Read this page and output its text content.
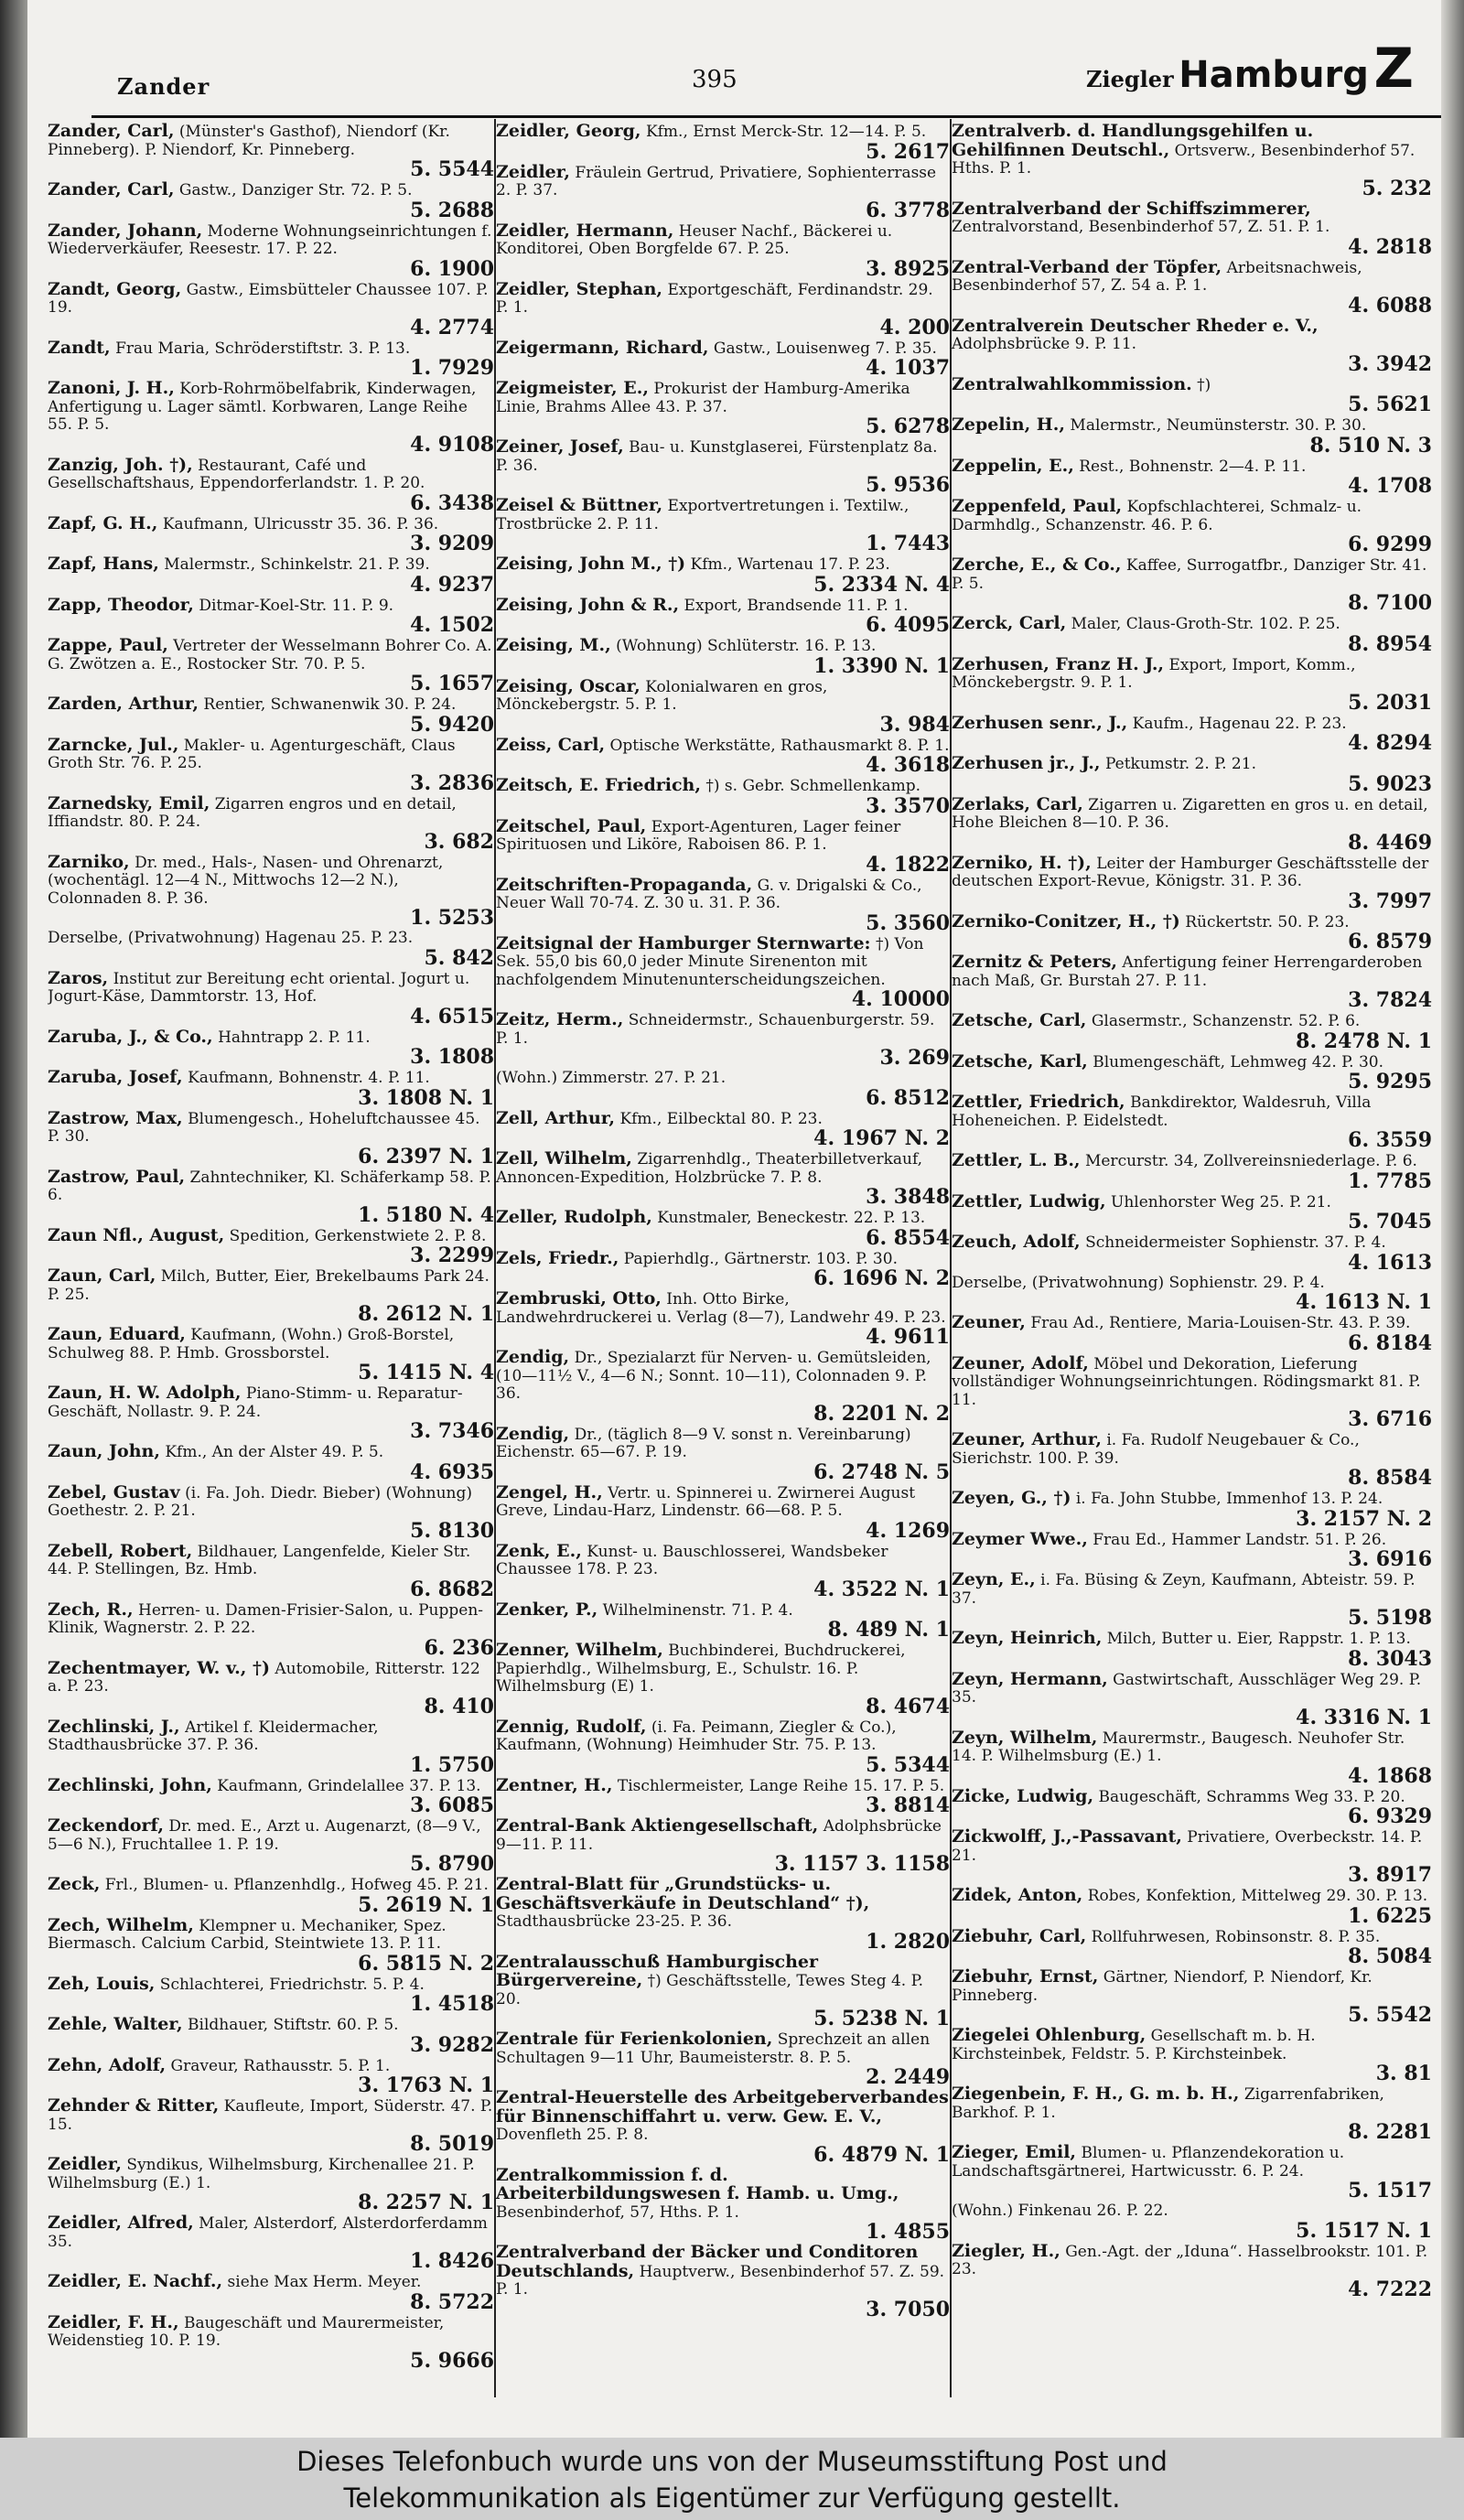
Zander	395	Ziegler Hamburg Z
Zander, Carl, (Münster's Gasthof), Niendorf (Kr. Pinneberg). P. Niendorf, Kr. Pinneberg.
5. 5544
Zander, Carl, Gastw., Danziger Str. 72. P. 5.
5. 2688
Zander, Johann, Moderne Wohnungseinrichtungen f. Wiederverkäufer, Reesestr. 17. P. 22.
6. 1900
Zandt, Georg, Gastw., Eimsbütteler Chaussee 107. P. 19.
4. 2774
Zandt, Frau Maria, Schröderstiftstr. 3. P. 13.
1. 7929
Zanoni, J. H., Korb-Rohrmöbelfabrik, Kinderwagen, Anfertigung u. Lager sämtl. Korbwaren, Lange Reihe 55. P. 5.
4. 9108
Zanzig, Joh. †), Restaurant, Café und Gesellschaftshaus, Eppendorferlandstr. 1. P. 20.
6. 3438
Zapf, G. H., Kaufmann, Ulricusstr 35. 36. P. 36.
3. 9209
Zapf, Hans, Malermstr., Schinkelstr. 21. P. 39.
4. 9237
Zapp, Theodor, Ditmar-Koel-Str. 11. P. 9.
4. 1502
Zappe, Paul, Vertreter der Wesselmann Bohrer Co. A. G. Zwötzen a. E., Rostocker Str. 70. P. 5.
5. 1657
Zarden, Arthur, Rentier, Schwanenwik 30. P. 24.
5. 9420
Zarncke, Jul., Makler- u. Agenturgeschäft, Claus Groth Str. 76. P. 25.
3. 2836
Zarnedsky, Emil, Zigarren engros und en detail, Iffiandstr. 80. P. 24.
3. 682
Zarniko, Dr. med., Hals-, Nasen- und Ohrenarzt, (wochentägl. 12—4 N., Mittwochs 12—2 N.), Colonnaden 8. P. 36.
1. 5253
Derselbe, (Privatwohnung) Hagenau 25. P. 23.
5. 842
Zaros, Institut zur Bereitung echt oriental. Jogurt u. Jogurt-Käse, Dammtorstr. 13, Hof.
4. 6515
Zaruba, J., & Co., Hahntrapp 2. P. 11.
3. 1808
Zaruba, Josef, Kaufmann, Bohnenstr. 4. P. 11.
3. 1808 N. 1
Zastrow, Max, Blumengesch., Hoheluftchaussee 45. P. 30.
6. 2397 N. 1
Zastrow, Paul, Zahntechniker, Kl. Schäferkamp 58. P. 6.
1. 5180 N. 4
Zaun Nfl., August, Spedition, Gerkenstwiete 2. P. 8.
3. 2299
Zaun, Carl, Milch, Butter, Eier, Brekelbaums Park 24. P. 25.
8. 2612 N. 1
Zaun, Eduard, Kaufmann, (Wohn.) Groß-Borstel, Schulweg 88. P. Hmb. Grossborstel.
5. 1415 N. 4
Zaun, H. W. Adolph, Piano-Stimm- u. Reparatur-Geschäft, Nollastr. 9. P. 24.
3. 7346
Zaun, John, Kfm., An der Alster 49. P. 5.
4. 6935
Zebel, Gustav (i. Fa. Joh. Diedr. Bieber) (Wohnung) Goethestr. 2. P. 21.
5. 8130
Zebell, Robert, Bildhauer, Langenfelde, Kieler Str. 44. P. Stellingen, Bz. Hmb.
6. 8682
Zech, R., Herren- u. Damen-Frisier-Salon, u. Puppen-Klinik, Wagnerstr. 2. P. 22.
6. 236
Zechentmayer, W. v., †) Automobile, Ritterstr. 122 a. P. 23.
8. 410
Zechlinski, J., Artikel f. Kleidermacher, Stadthausbrücke 37. P. 36.
1. 5750
Zechlinski, John, Kaufmann, Grindelallee 37. P. 13.
3. 6085
Zeckendorf, Dr. med. E., Arzt u. Augenarzt, (8—9 V., 5—6 N.), Fruchtallee 1. P. 19.
5. 8790
Zeck, Frl., Blumen- u. Pflanzenhdlg., Hofweg 45. P. 21.
5. 2619 N. 1
Zech, Wilhelm, Klempner u. Mechaniker, Spez. Biermasch. Calcium Carbid, Steintwiete 13. P. 11.
6. 5815 N. 2
Zeh, Louis, Schlachterei, Friedrichstr. 5. P. 4.
1. 4518
Zehle, Walter, Bildhauer, Stiftstr. 60. P. 5.
3. 9282
Zehn, Adolf, Graveur, Rathausstr. 5. P. 1.
3. 1763 N. 1
Zehnder & Ritter, Kaufleute, Import, Süderstr. 47. P. 15.
8. 5019
Zeidler, Syndikus, Wilhelmsburg, Kirchenallee 21. P. Wilhelmsburg (E.) 1.
8. 2257 N. 1
Zeidler, Alfred, Maler, Alsterdorf, Alsterdorferdamm 35.
1. 8426
Zeidler, E. Nachf., siehe Max Herm. Meyer.
8. 5722
Zeidler, F. H., Baugeschäft und Maurermeister, Weidenstieg 10. P. 19.
5. 9666
Zeidler, Georg, Kfm., Ernst Merck-Str. 12—14. P. 5.
5. 2617
Zeidler, Fräulein Gertrud, Privatiere, Sophienterrasse 2. P. 37.
6. 3778
Zeidler, Hermann, Heuser Nachf., Bäckerei u. Konditorei, Oben Borgfelde 67. P. 25.
3. 8925
Zeidler, Stephan, Exportgeschäft, Ferdinandstr. 29. P. 1.
4. 200
Zeigermann, Richard, Gastw., Louisenweg 7. P. 35.
4. 1037
Zeigmeister, E., Prokurist der Hamburg-Amerika Linie, Brahms Allee 43. P. 37.
5. 6278
Zeiner, Josef, Bau- u. Kunstglaserei, Fürstenplatz 8a. P. 36.
5. 9536
Zeisel & Büttner, Exportvertretungen i. Textilw., Trostbrücke 2. P. 11.
1. 7443
Zeising, John M., †) Kfm., Wartenau 17. P. 23.
5. 2334 N. 4
Zeising, John & R., Export, Brandsende 11. P. 1.
6. 4095
Zeising, M., (Wohnung) Schlüterstr. 16. P. 13.
1. 3390 N. 1
Zeising, Oscar, Kolonialwaren en gros, Mönckebergstr. 5. P. 1.
3. 984
Zeiss, Carl, Optische Werkstätte, Rathausmarkt 8. P. 1.
4. 3618
Zeitsch, E. Friedrich, †) s. Gebr. Schmellenkamp.
3. 3570
Zeitschel, Paul, Export-Agenturen, Lager feiner Spirituosen und Liköre, Raboisen 86. P. 1.
4. 1822
Zeitschriften-Propaganda, G. v. Drigalski & Co., Neuer Wall 70-74. Z. 30 u. 31. P. 36.
5. 3560
Zeitsignal der Hamburger Sternwarte: †) Von Sek. 55,0 bis 60,0 jeder Minute Sirenenton mit nachfolgendem Minutenunterscheidungszeichen.
4. 10000
Zeitz, Herm., Schneidermstr., Schauenburgerstr. 59. P. 1.
3. 269
(Wohn.) Zimmerstr. 27. P. 21.
6. 8512
Zell, Arthur, Kfm., Eilbecktal 80. P. 23.
4. 1967 N. 2
Zell, Wilhelm, Zigarrenhdlg., Theaterbilletverkauf, Annoncen-Expedition, Holzbrücke 7. P. 8.
3. 3848
Zeller, Rudolph, Kunstmaler, Beneckestr. 22. P. 13.
6. 8554
Zels, Friedr., Papierhdlg., Gärtnerstr. 103. P. 30.
6. 1696 N. 2
Zembruski, Otto, Inh. Otto Birke, Landwehrdruckerei u. Verlag (8—7), Landwehr 49. P. 23.
4. 9611
Zendig, Dr., Spezialarzt für Nerven- u. Gemütsleiden, (10—11½ V., 4—6 N.; Sonnt. 10—11), Colonnaden 9. P. 36.
8. 2201 N. 2
Zendig, Dr., (täglich 8—9 V. sonst n. Vereinbarung) Eichenstr. 65—67. P. 19.
6. 2748 N. 5
Zengel, H., Vertr. u. Spinnerei u. Zwirnerei August Greve, Lindau-Harz, Lindenstr. 66—68. P. 5.
4. 1269
Zenk, E., Kunst- u. Bauschlosserei, Wandsbeker Chaussee 178. P. 23.
4. 3522 N. 1
Zenker, P., Wilhelminenstr. 71. P. 4.
8. 489 N. 1
Zenner, Wilhelm, Buchbinderei, Buchdruckerei, Papierhdlg., Wilhelmsburg, E., Schulstr. 16. P. Wilhelmsburg (E) 1.
8. 4674
Zennig, Rudolf, (i. Fa. Peimann, Ziegler & Co.), Kaufmann, (Wohnung) Heimhuder Str. 75. P. 13.
5. 5344
Zentner, H., Tischlermeister, Lange Reihe 15. 17. P. 5.
3. 8814
Zentral-Bank Aktiengesellschaft, Adolphsbrücke 9—11. P. 11.
3. 1157 3. 1158
Zentral-Blatt für „Grundstücks- u. Geschäftsverkäufe in Deutschland“ †), Stadthausbrücke 23-25. P. 36.
1. 2820
Zentralausschuß Hamburgischer Bürgervereine, †) Geschäftsstelle, Tewes Steg 4. P. 20.
5. 5238 N. 1
Zentrale für Ferienkolonien, Sprechzeit an allen Schultagen 9—11 Uhr, Baumeisterstr. 8. P. 5.
2. 2449
Zentral-Heuerstelle des Arbeitgeberverbandes für Binnenschiffahrt u. verw. Gew. E. V., Dovenfleth 25. P. 8.
6. 4879 N. 1
Zentralkommission f. d. Arbeiterbildungswesen f. Hamb. u. Umg., Besenbinderhof, 57, Hths. P. 1.
1. 4855
Zentralverband der Bäcker und Conditoren Deutschlands, Hauptverw., Besenbinderhof 57. Z. 59. P. 1.
3. 7050
Zentralverb. d. Handlungsgehilfen u. Gehilfinnen Deutschl., Ortsverw., Besenbinderhof 57. Hths. P. 1.
5. 232
Zentralverband der Schiffszimmerer, Zentralvorstand, Besenbinderhof 57, Z. 51. P. 1.
4. 2818
Zentral-Verband der Töpfer, Arbeitsnachweis, Besenbinderhof 57, Z. 54 a. P. 1.
4. 6088
Zentralverein Deutscher Rheder e. V., Adolphsbrücke 9. P. 11.
3. 3942
Zentralwahlkommission. †)
5. 5621
Zepelin, H., Malermstr., Neumünsterstr. 30. P. 30.
8. 510 N. 3
Zeppelin, E., Rest., Bohnenstr. 2—4. P. 11.
4. 1708
Zeppenfeld, Paul, Kopfschlachterei, Schmalz- u. Darmhdlg., Schanzenstr. 46. P. 6.
6. 9299
Zerche, E., & Co., Kaffee, Surrogatfbr., Danziger Str. 41. P. 5.
8. 7100
Zerck, Carl, Maler, Claus-Groth-Str. 102. P. 25.
8. 8954
Zerhusen, Franz H. J., Export, Import, Komm., Mönckebergstr. 9. P. 1.
5. 2031
Zerhusen senr., J., Kaufm., Hagenau 22. P. 23.
4. 8294
Zerhusen jr., J., Petkumstr. 2. P. 21.
5. 9023
Zerlaks, Carl, Zigarren u. Zigaretten en gros u. en detail, Hohe Bleichen 8—10. P. 36.
8. 4469
Zerniko, H. †), Leiter der Hamburger Geschäftsstelle der deutschen Export-Revue, Königstr. 31. P. 36.
3. 7997
Zerniko-Conitzer, H., †) Rückertstr. 50. P. 23.
6. 8579
Zernitz & Peters, Anfertigung feiner Herrengarderoben nach Maß, Gr. Burstah 27. P. 11.
3. 7824
Zetsche, Carl, Glasermstr., Schanzenstr. 52. P. 6.
8. 2478 N. 1
Zetsche, Karl, Blumengeschäft, Lehmweg 42. P. 30.
5. 9295
Zettler, Friedrich, Bankdirektor, Waldesruh, Villa Hoheneichen. P. Eidelstedt.
6. 3559
Zettler, L. B., Mercurstr. 34, Zollvereinsniederlage. P. 6.
1. 7785
Zettler, Ludwig, Uhlenhorster Weg 25. P. 21.
5. 7045
Zeuch, Adolf, Schneidermeister Sophienstr. 37. P. 4.
4. 1613
Derselbe, (Privatwohnung) Sophienstr. 29. P. 4.
4. 1613 N. 1
Zeuner, Frau Ad., Rentiere, Maria-Louisen-Str. 43. P. 39.
6. 8184
Zeuner, Adolf, Möbel und Dekoration, Lieferung vollständiger Wohnungseinrichtungen. Rödingsmarkt 81. P. 11.
3. 6716
Zeuner, Arthur, i. Fa. Rudolf Neugebauer & Co., Sierichstr. 100. P. 39.
8. 8584
Zeyen, G., †) i. Fa. John Stubbe, Immenhof 13. P. 24.
3. 2157 N. 2
Zeymer Wwe., Frau Ed., Hammer Landstr. 51. P. 26.
3. 6916
Zeyn, E., i. Fa. Büsing & Zeyn, Kaufmann, Abteistr. 59. P. 37.
5. 5198
Zeyn, Heinrich, Milch, Butter u. Eier, Rappstr. 1. P. 13.
8. 3043
Zeyn, Hermann, Gastwirtschaft, Ausschläger Weg 29. P. 35.
4. 3316 N. 1
Zeyn, Wilhelm, Maurermstr., Baugesch. Neuhofer Str. 14. P. Wilhelmsburg (E.) 1.
4. 1868
Zicke, Ludwig, Baugeschäft, Schramms Weg 33. P. 20.
6. 9329
Zickwolff, J.,-Passavant, Privatiere, Overbeckstr. 14. P. 21.
3. 8917
Zidek, Anton, Robes, Konfektion, Mittelweg 29. 30. P. 13.
1. 6225
Ziebuhr, Carl, Rollfuhrwesen, Robinsonstr. 8. P. 35.
8. 5084
Ziebuhr, Ernst, Gärtner, Niendorf, P. Niendorf, Kr. Pinneberg.
5. 5542
Ziegelei Ohlenburg, Gesellschaft m. b. H. Kirchsteinbek, Feldstr. 5. P. Kirchsteinbek.
3. 81
Ziegenbein, F. H., G. m. b. H., Zigarrenfabriken, Barkhof. P. 1.
8. 2281
Zieger, Emil, Blumen- u. Pflanzendekoration u. Landschaftsgärtnerei, Hartwicusstr. 6. P. 24.
5. 1517
(Wohn.) Finkenau 26. P. 22.
5. 1517 N. 1
Ziegler, H., Gen.-Agt. der „Iduna“. Hasselbrookstr. 101. P. 23.
4. 7222
Dieses Telefonbuch wurde uns von der Museumsstiftung Post und
Telekommunikation als Eigentümer zur Verfügung gestellt.
